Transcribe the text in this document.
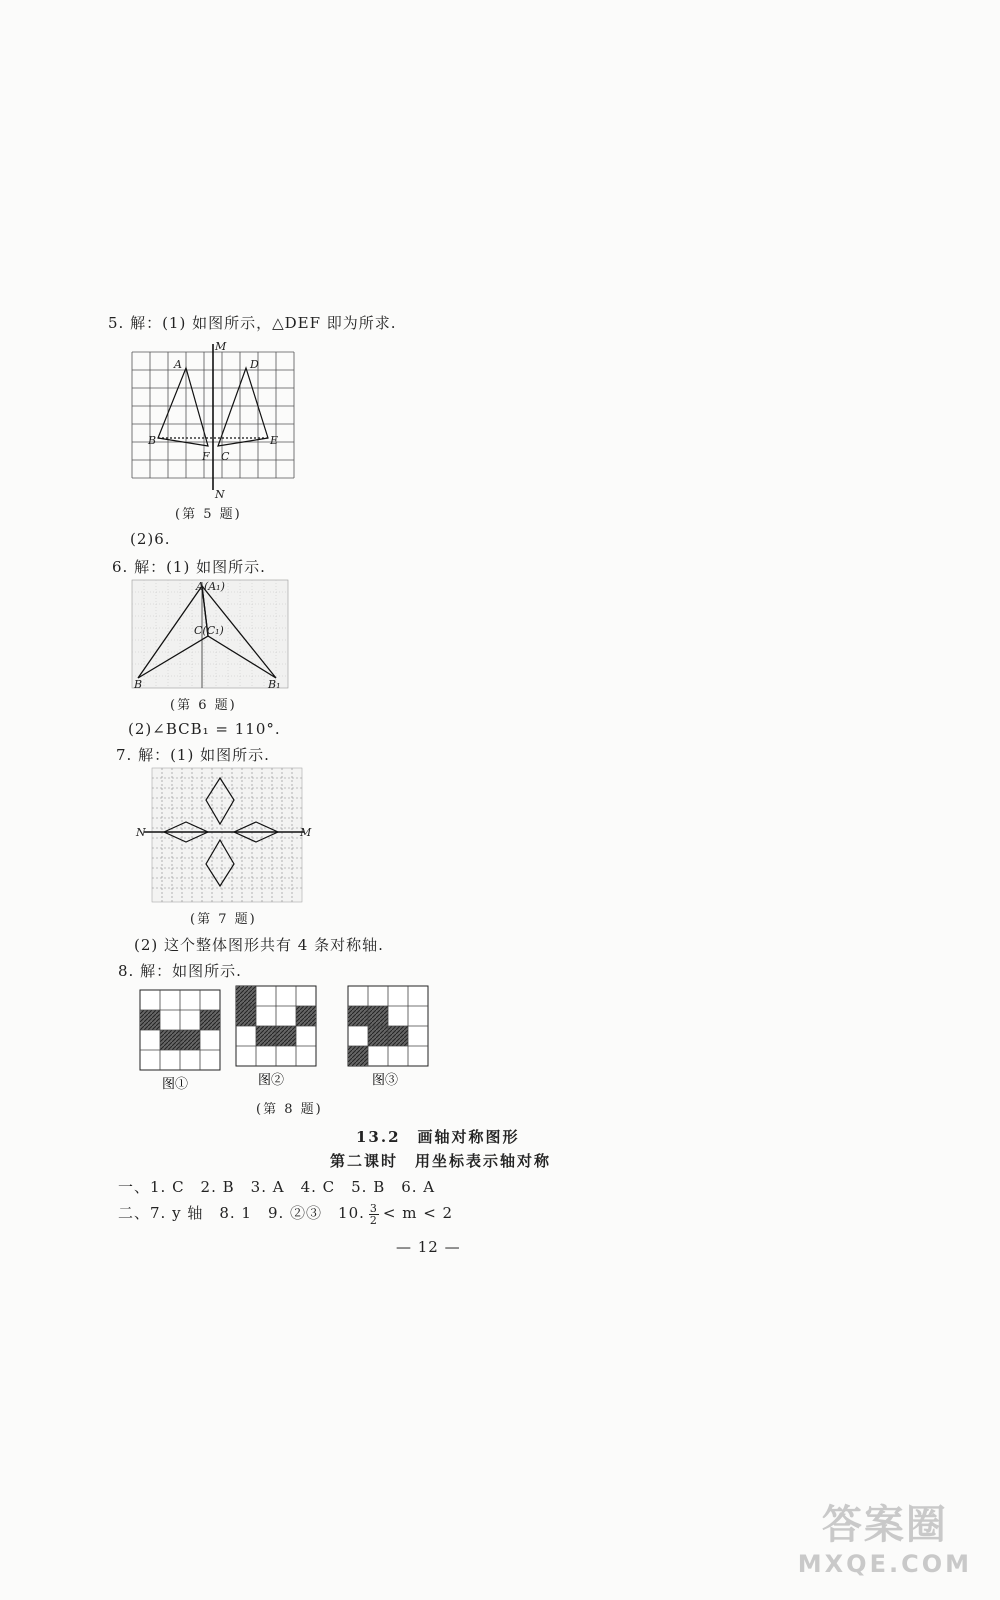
5. 解：(1) 如图所示，△DEF 即为所求.
M
N
A	D
B	E
F C
(第 5 题)
(2)6.
6. 解：(1) 如图所示.
A(A₁)
C(C₁)
B	B₁
(第 6 题)
(2)∠BCB₁ = 110°.
7. 解：(1) 如图所示.
N	M
(第 7 题)
(2) 这个整体图形共有 4 条对称轴.
8. 解：如图所示.
图①	图②	图③
(第 8 题)
13.2　画轴对称图形
第二课时　用坐标表示轴对称
一、1. C　2. B　3. A　4. C　5. B　6. A
二、7. y 轴　8. 1　9. ②③　10. $\frac{3}{2} < m < 2$
— 12 —
答案圈
MXQE.COM
